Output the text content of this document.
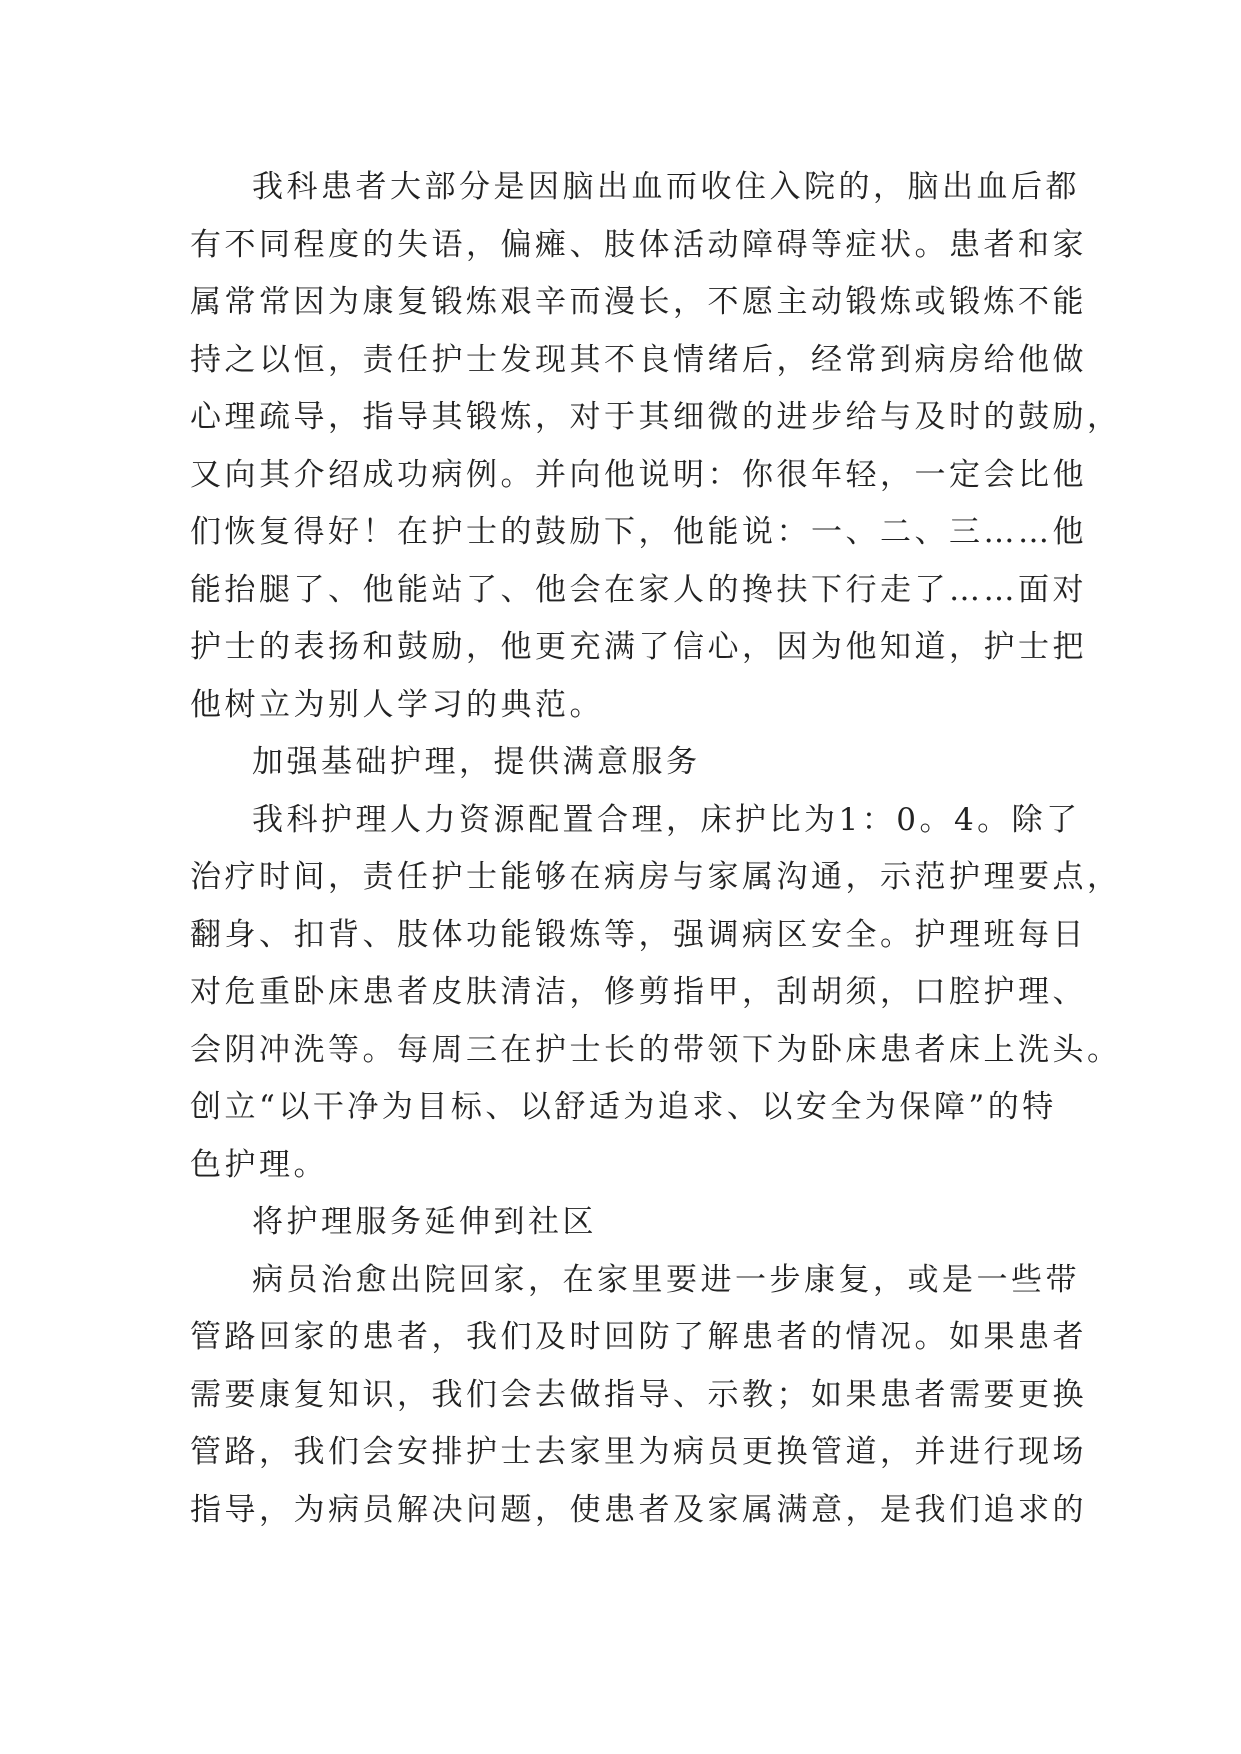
我科患者大部分是因脑出血而收住入院的，脑出血后都
有不同程度的失语，偏瘫、肢体活动障碍等症状。患者和家
属常常因为康复锻炼艰辛而漫长，不愿主动锻炼或锻炼不能
持之以恒，责任护士发现其不良情绪后，经常到病房给他做
心理疏导，指导其锻炼，对于其细微的进步给与及时的鼓励，
又向其介绍成功病例。并向他说明：你很年轻，一定会比他
们恢复得好！在护士的鼓励下，他能说：一、二、三……他
能抬腿了、他能站了、他会在家人的搀扶下行走了……面对
护士的表扬和鼓励，他更充满了信心，因为他知道，护士把
他树立为别人学习的典范。
加强基础护理，提供满意服务
我科护理人力资源配置合理，床护比为1：0。4。除了
治疗时间，责任护士能够在病房与家属沟通，示范护理要点，
翻身、扣背、肢体功能锻炼等，强调病区安全。护理班每日
对危重卧床患者皮肤清洁，修剪指甲，刮胡须，口腔护理、
会阴冲洗等。每周三在护士长的带领下为卧床患者床上洗头。
创立“以干净为目标、以舒适为追求、以安全为保障”的特
色护理。
将护理服务延伸到社区
病员治愈出院回家，在家里要进一步康复，或是一些带
管路回家的患者，我们及时回防了解患者的情况。如果患者
需要康复知识，我们会去做指导、示教；如果患者需要更换
管路，我们会安排护士去家里为病员更换管道，并进行现场
指导，为病员解决问题，使患者及家属满意，是我们追求的
